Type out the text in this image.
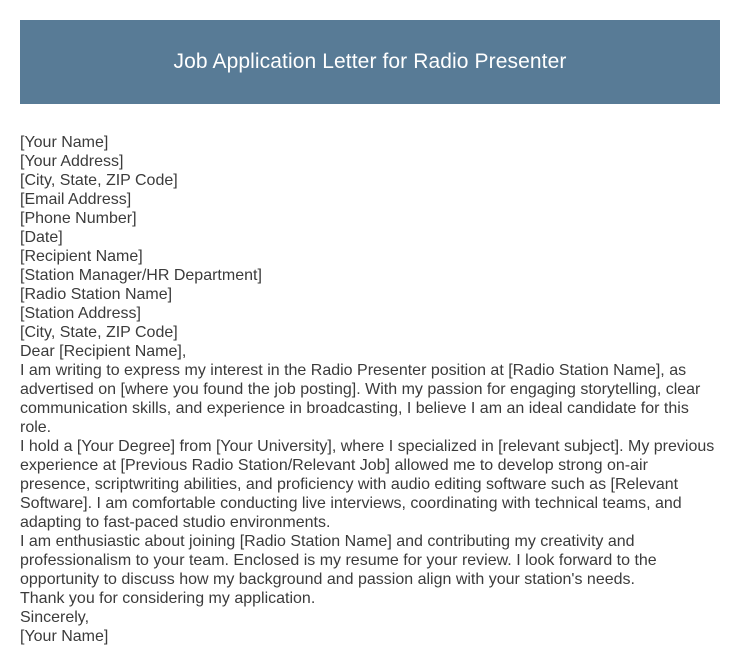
Job Application Letter for Radio Presenter

[Your Name]

[Your Address]

[City, State, ZIP Code]

[Email Address]

[Phone Number]

[Date]

[Recipient Name]

[Station Manager/HR Department]

[Radio Station Name]

[Station Address]

[City, State, ZIP Code]

Dear [Recipient Name],

I am writing to express my interest in the Radio Presenter position at [Radio Station Name], as advertised on [where you found the job posting]. With my passion for engaging storytelling, clear communication skills, and experience in broadcasting, I believe I am an ideal candidate for this role.

I hold a [Your Degree] from [Your University], where I specialized in [relevant subject]. My previous experience at [Previous Radio Station/Relevant Job] allowed me to develop strong on-air presence, scriptwriting abilities, and proficiency with audio editing software such as [Relevant Software]. I am comfortable conducting live interviews, coordinating with technical teams, and adapting to fast-paced studio environments.

I am enthusiastic about joining [Radio Station Name] and contributing my creativity and professionalism to your team. Enclosed is my resume for your review. I look forward to the opportunity to discuss how my background and passion align with your station's needs.

Thank you for considering my application.

Sincerely,

[Your Name]
